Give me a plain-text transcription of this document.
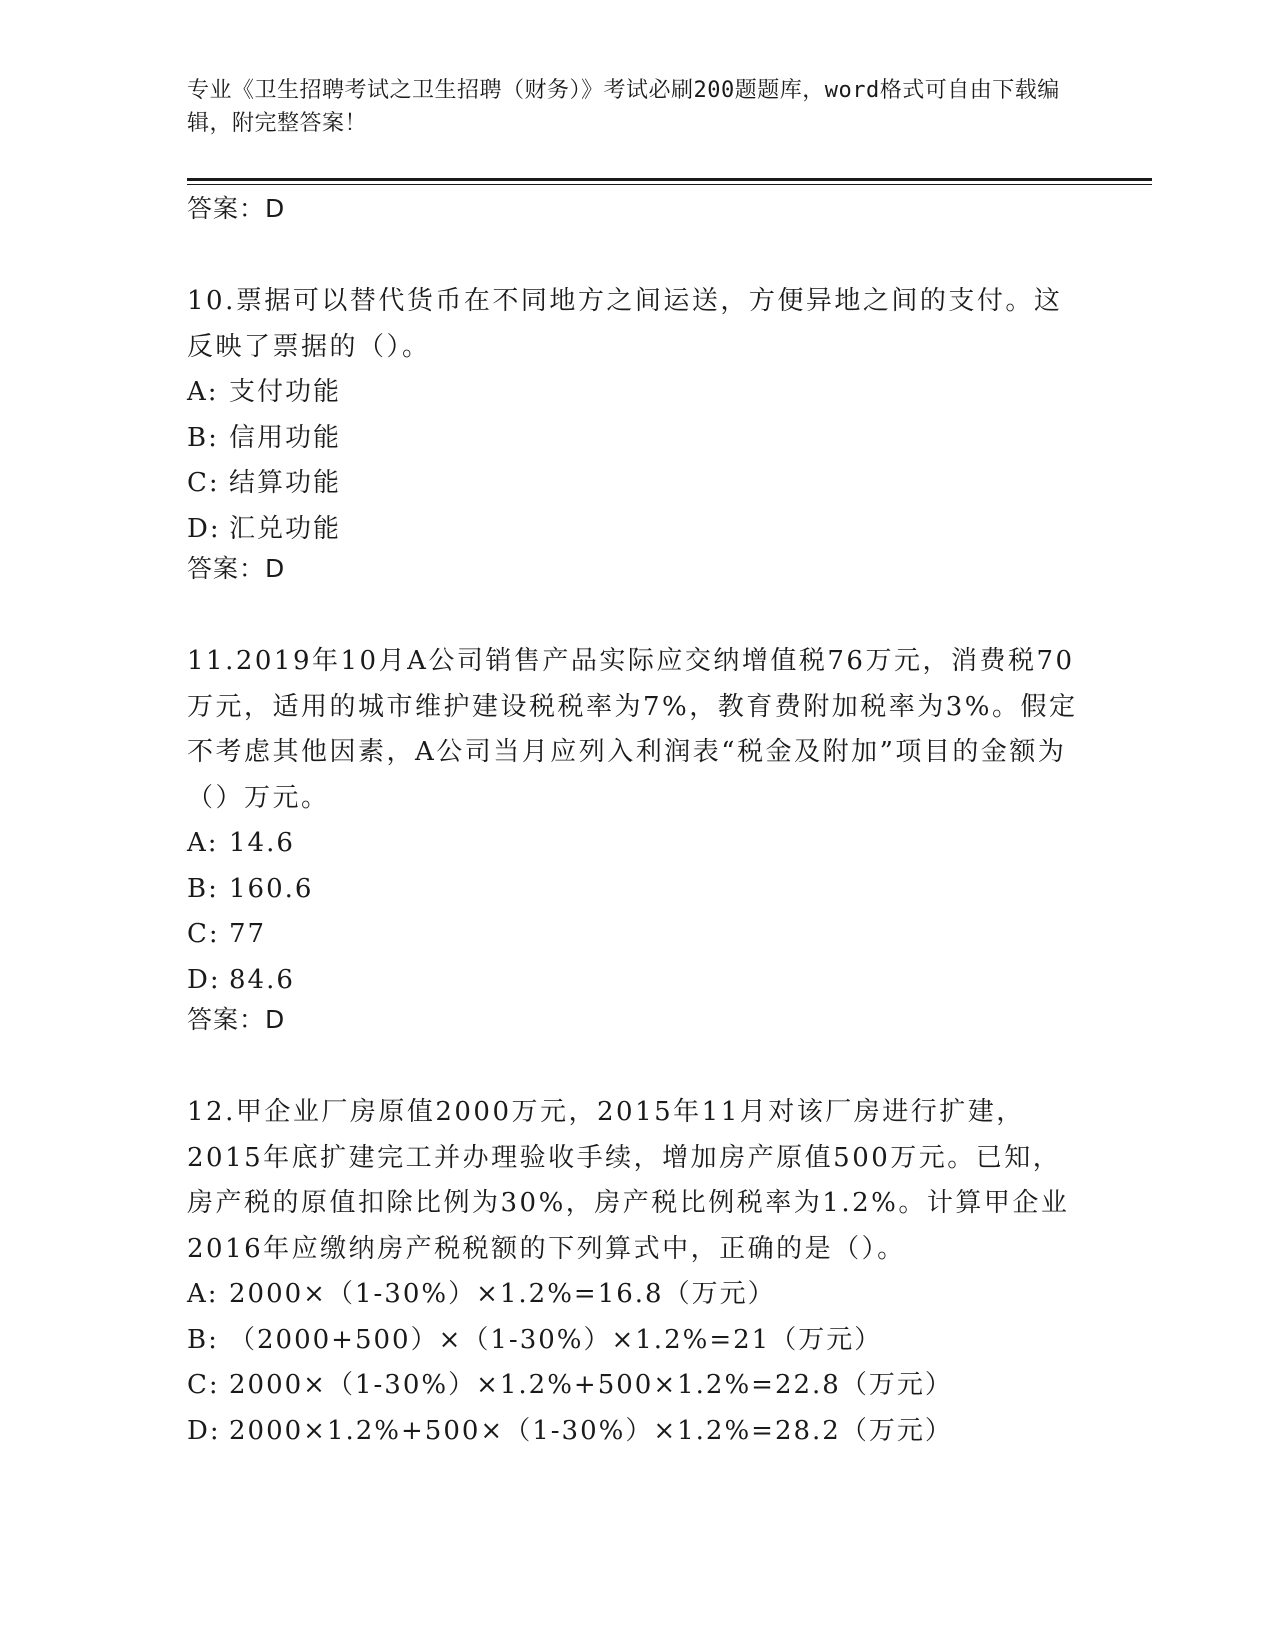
专业《卫生招聘考试之卫生招聘（财务）》考试必刷200题题库，word格式可自由下载编辑，附完整答案！
答案：D

10.票据可以替代货币在不同地方之间运送，方便异地之间的支付。这反映了票据的（）。

A: 支付功能
B: 信用功能
C: 结算功能
D: 汇兑功能
答案：D

11.2019年10月A公司销售产品实际应交纳增值税76万元，消费税70万元，适用的城市维护建设税税率为7%，教育费附加税率为3%。假定不考虑其他因素，A公司当月应列入利润表“税金及附加”项目的金额为（）万元。

A: 14.6
B: 160.6
C: 77
D: 84.6
答案：D

12.甲企业厂房原值2000万元，2015年11月对该厂房进行扩建，2015年底扩建完工并办理验收手续，增加房产原值500万元。已知，房产税的原值扣除比例为30%，房产税比例税率为1.2%。计算甲企业2016年应缴纳房产税税额的下列算式中，正确的是（）。

A: 2000×（1-30%）×1.2%=16.8（万元）
B: （2000+500）×（1-30%）×1.2%=21（万元）
C: 2000×（1-30%）×1.2%+500×1.2%=22.8（万元）
D: 2000×1.2%+500×（1-30%）×1.2%=28.2（万元）
